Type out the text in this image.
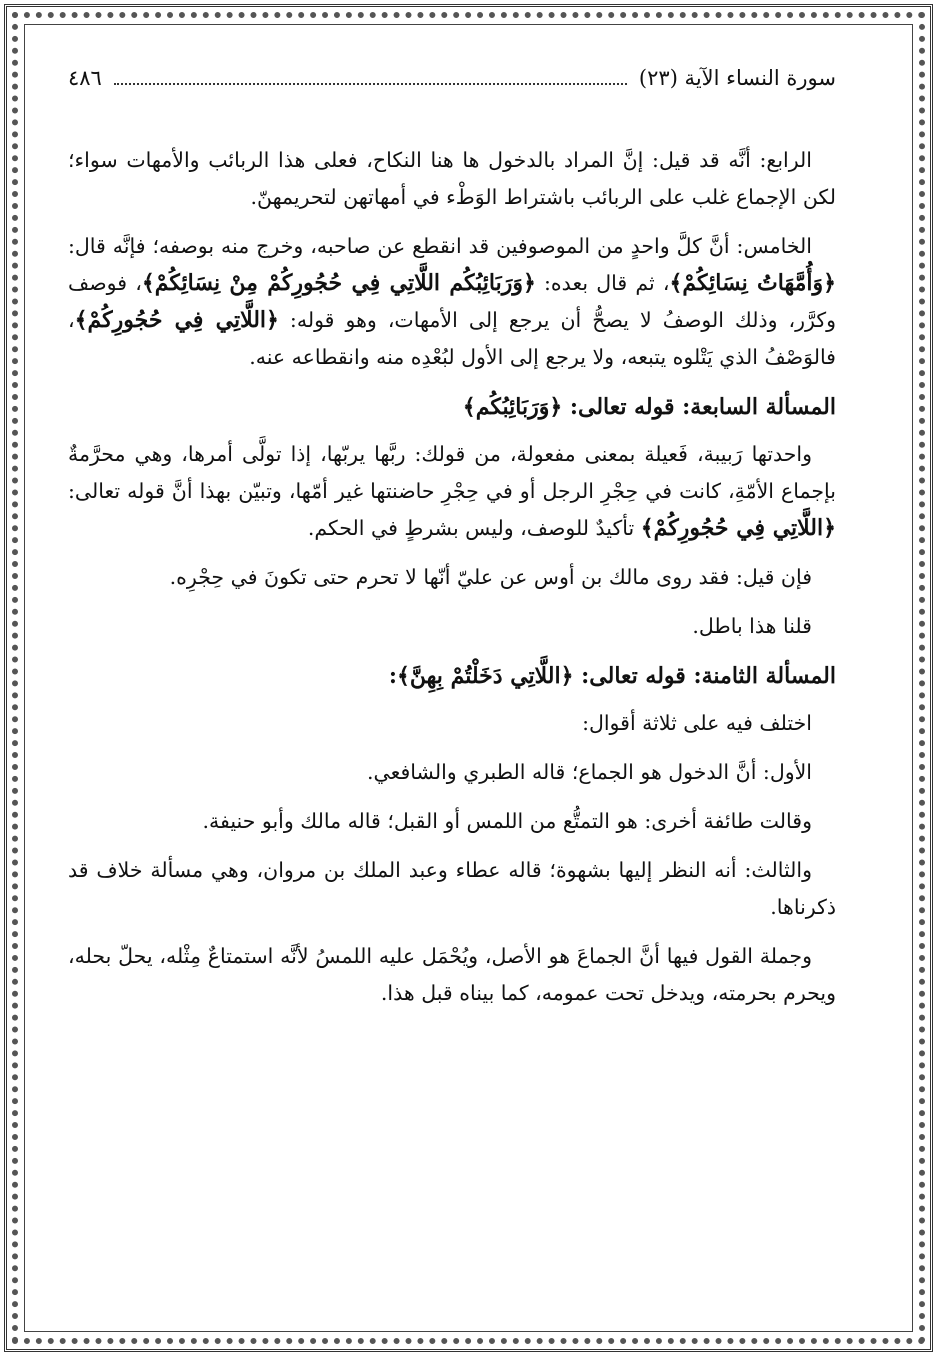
سورة النساء الآية (٢٣)
٤٨٦

الرابع: أنَّه قد قيل: إنَّ المراد بالدخول ها هنا النكاح، فعلى هذا الربائب والأمهات سواء؛ لكن الإجماع غلب على الربائب باشتراط الوَطْء في أمهاتهن لتحريمهنّ.

الخامس: أنَّ كلَّ واحدٍ من الموصوفين قد انقطع عن صاحبه، وخرج منه بوصفه؛ فإنَّه قال: ﴿وَأُمَّهَاتُ نِسَائِكُمْ﴾، ثم قال بعده: ﴿وَرَبَائِبُكُم اللَّاتِي فِي حُجُورِكُمْ مِنْ نِسَائِكُمْ﴾، فوصف وكرَّر، وذلك الوصفُ لا يصحُّ أن يرجع إلى الأمهات، وهو قوله: ﴿اللَّاتِي فِي حُجُورِكُمْ﴾، فالوَصْفُ الذي يَتْلوه يتبعه، ولا يرجع إلى الأول لبُعْدِه منه وانقطاعه عنه.

المسألة السابعة: قوله تعالى: ﴿وَرَبَائِبُكُم﴾

واحدتها رَبيبة، فَعيلة بمعنى مفعولة، من قولك: ربَّها يربّها، إذا تولَّى أمرها، وهي محرَّمةٌ بإجماع الأمّةِ، كانت في حِجْرِ الرجل أو في حِجْرِ حاضنتها غير أمّها، وتبيّن بهذا أنَّ قوله تعالى: ﴿اللَّاتِي فِي حُجُورِكُمْ﴾ تأكيدٌ للوصف، وليس بشرطٍ في الحكم.

فإن قيل: فقد روى مالك بن أوس عن عليّ أنّها لا تحرم حتى تكونَ في حِجْرِه.

قلنا هذا باطل.

المسألة الثامنة: قوله تعالى: ﴿اللَّاتِي دَخَلْتُمْ بِهِنَّ﴾:

اختلف فيه على ثلاثة أقوال:

الأول: أنَّ الدخول هو الجماع؛ قاله الطبري والشافعي.

وقالت طائفة أخرى: هو التمتُّع من اللمس أو القبل؛ قاله مالك وأبو حنيفة.

والثالث: أنه النظر إليها بشهوة؛ قاله عطاء وعبد الملك بن مروان، وهي مسألة خلاف قد ذكرناها.

وجملة القول فيها أنَّ الجماعَ هو الأصل، ويُحْمَل عليه اللمسُ لأنَّه استمتاعٌ مِثْله، يحلّ بحله، ويحرم بحرمته، ويدخل تحت عمومه، كما بيناه قبل هذا.
